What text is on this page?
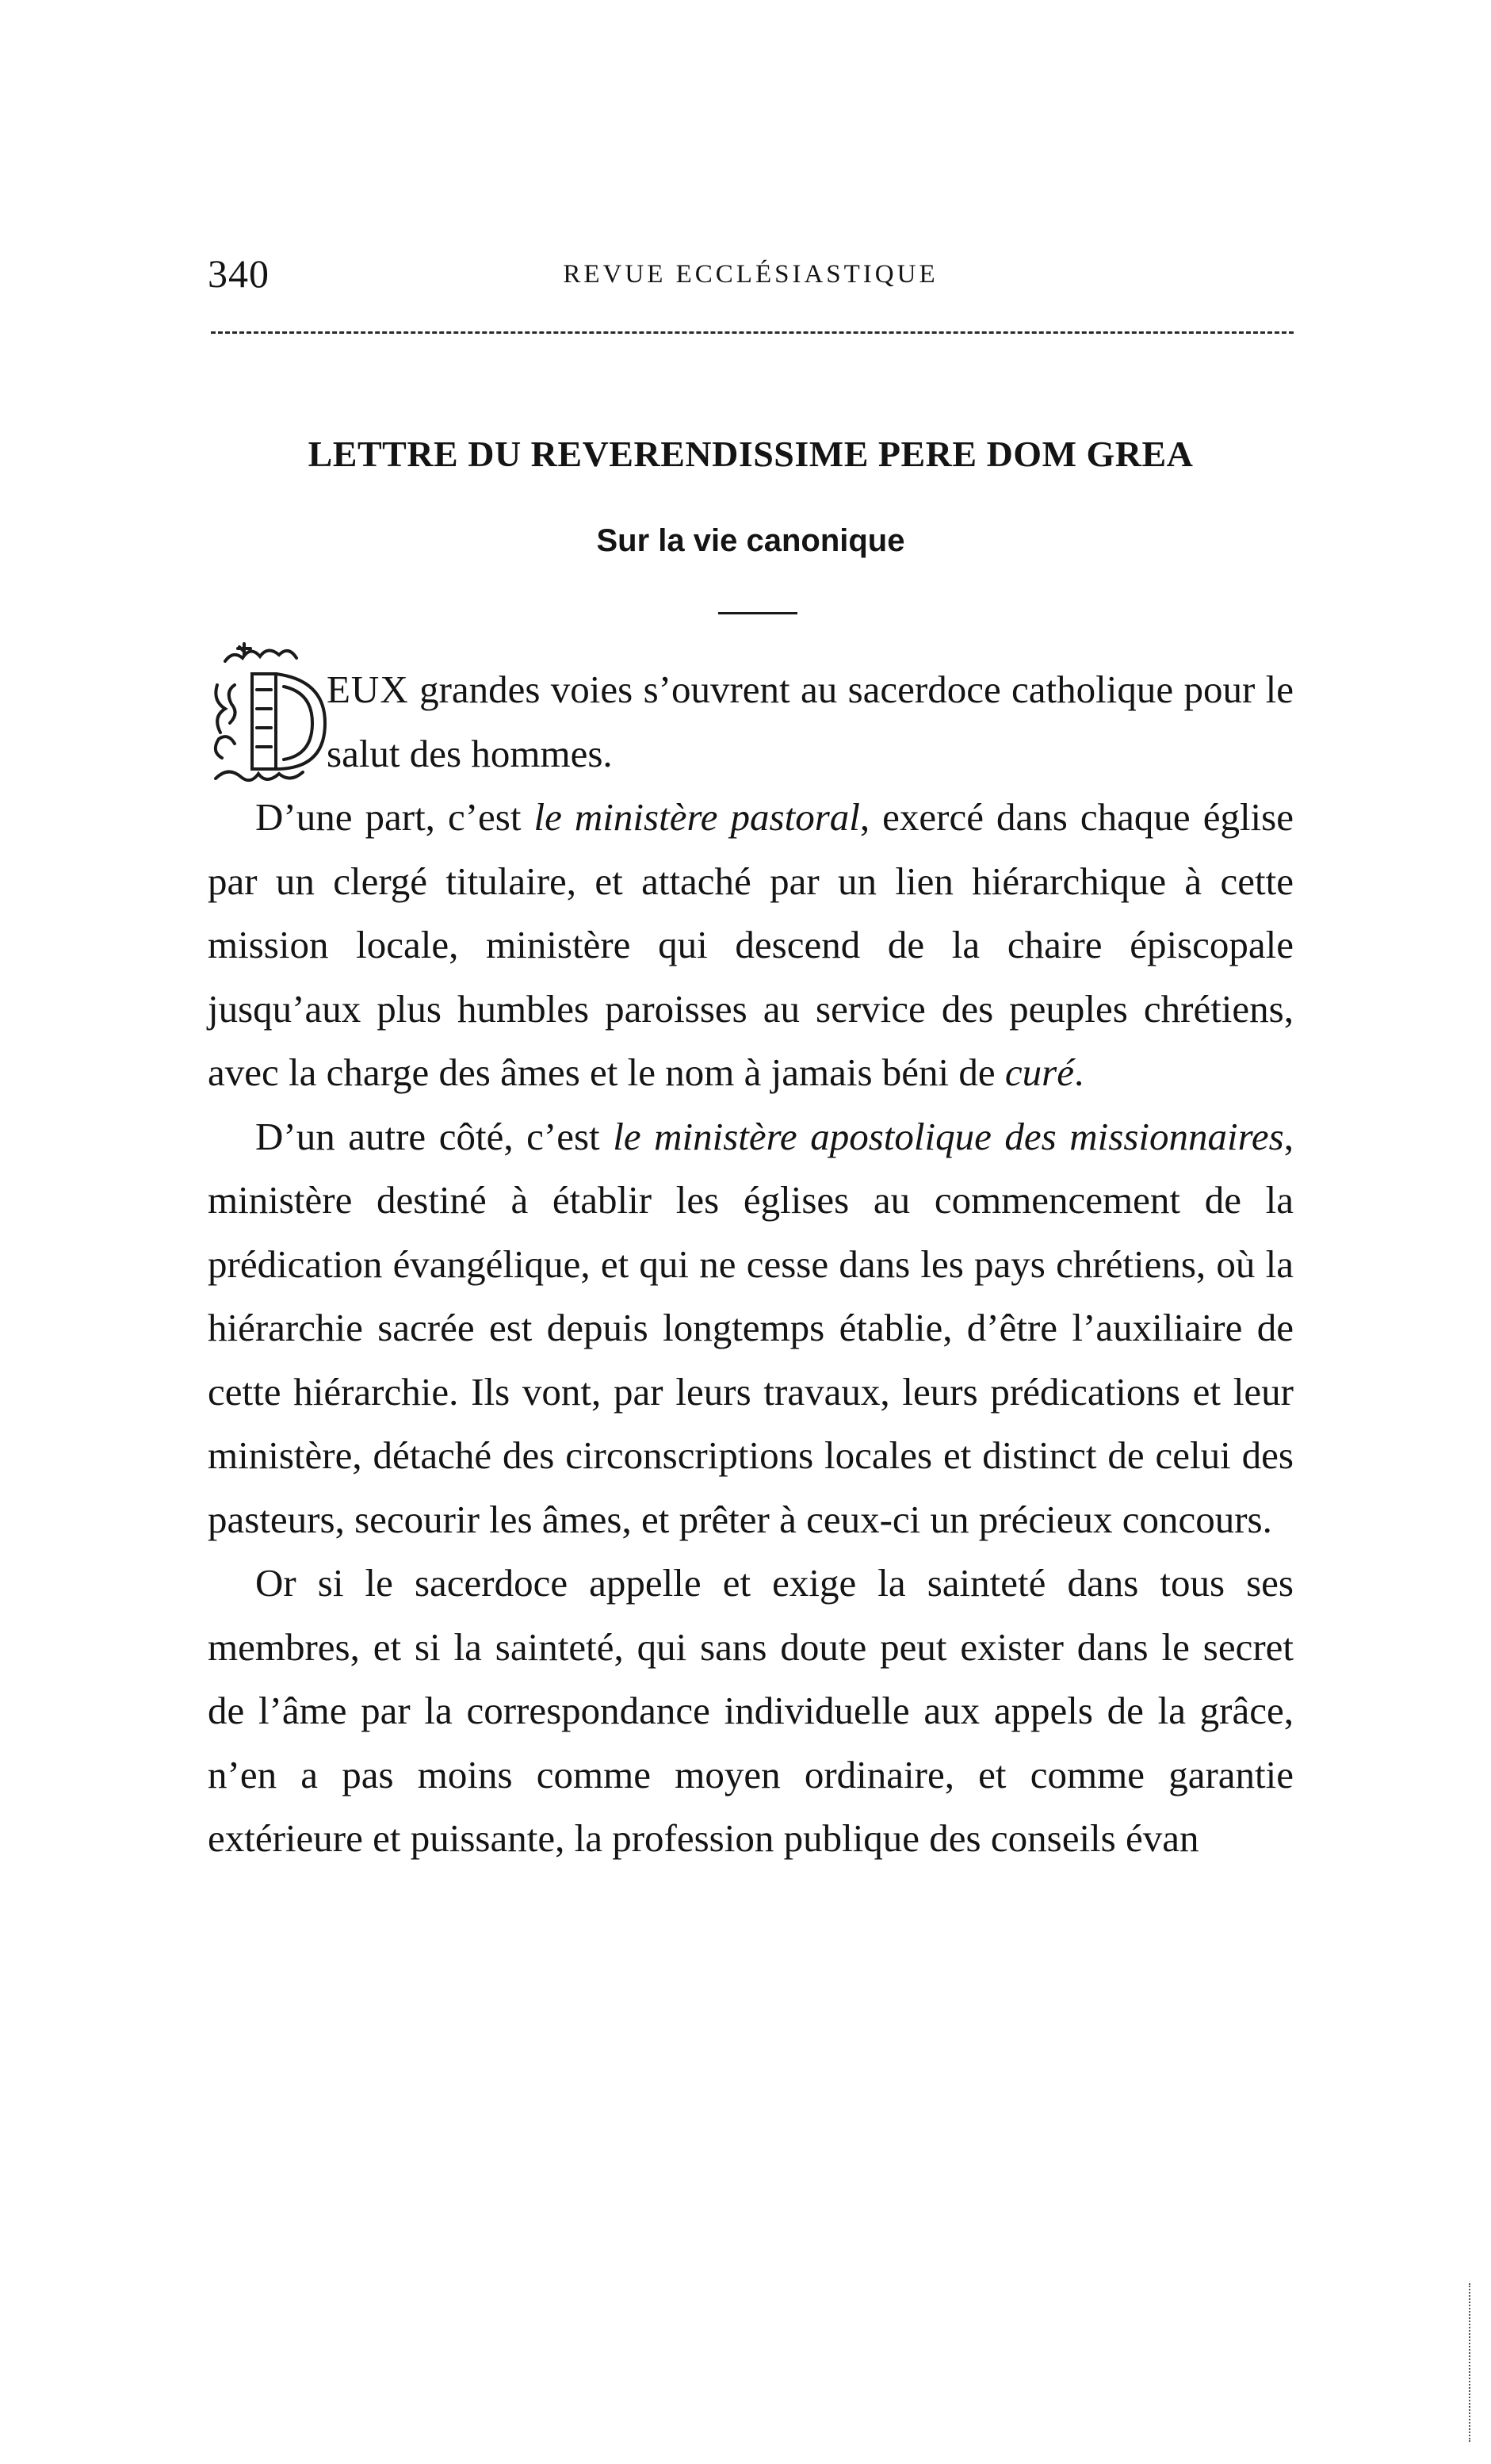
340	REVUE ECCLÉSIASTIQUE
LETTRE DU REVERENDISSIME PERE DOM GREA
Sur la vie canonique

EUX grandes voies s’ouvrent au sacerdoce catholique pour le salut des hommes.

D’une part, c’est le ministère pastoral, exercé dans chaque église par un clergé titulaire, et attaché par un lien hiérarchique à cette mission locale, ministère qui descend de la chaire épiscopale jusqu’aux plus humbles paroisses au service des peuples chrétiens, avec la charge des âmes et le nom à jamais béni de curé.

D’un autre côté, c’est le ministère apostolique des missionnaires, ministère destiné à établir les églises au commencement de la prédication évangélique, et qui ne cesse dans les pays chrétiens, où la hiérarchie sacrée est depuis longtemps établie, d’être l’auxiliaire de cette hiérarchie. Ils vont, par leurs travaux, leurs prédications et leur ministère, détaché des circonscriptions locales et distinct de celui des pasteurs, secourir les âmes, et prêter à ceux-ci un précieux concours.

Or si le sacerdoce appelle et exige la sainteté dans tous ses membres, et si la sainteté, qui sans doute peut exister dans le secret de l’âme par la correspondance individuelle aux appels de la grâce, n’en a pas moins comme moyen ordinaire, et comme garantie extérieure et puissante, la profession publique des conseils évan
